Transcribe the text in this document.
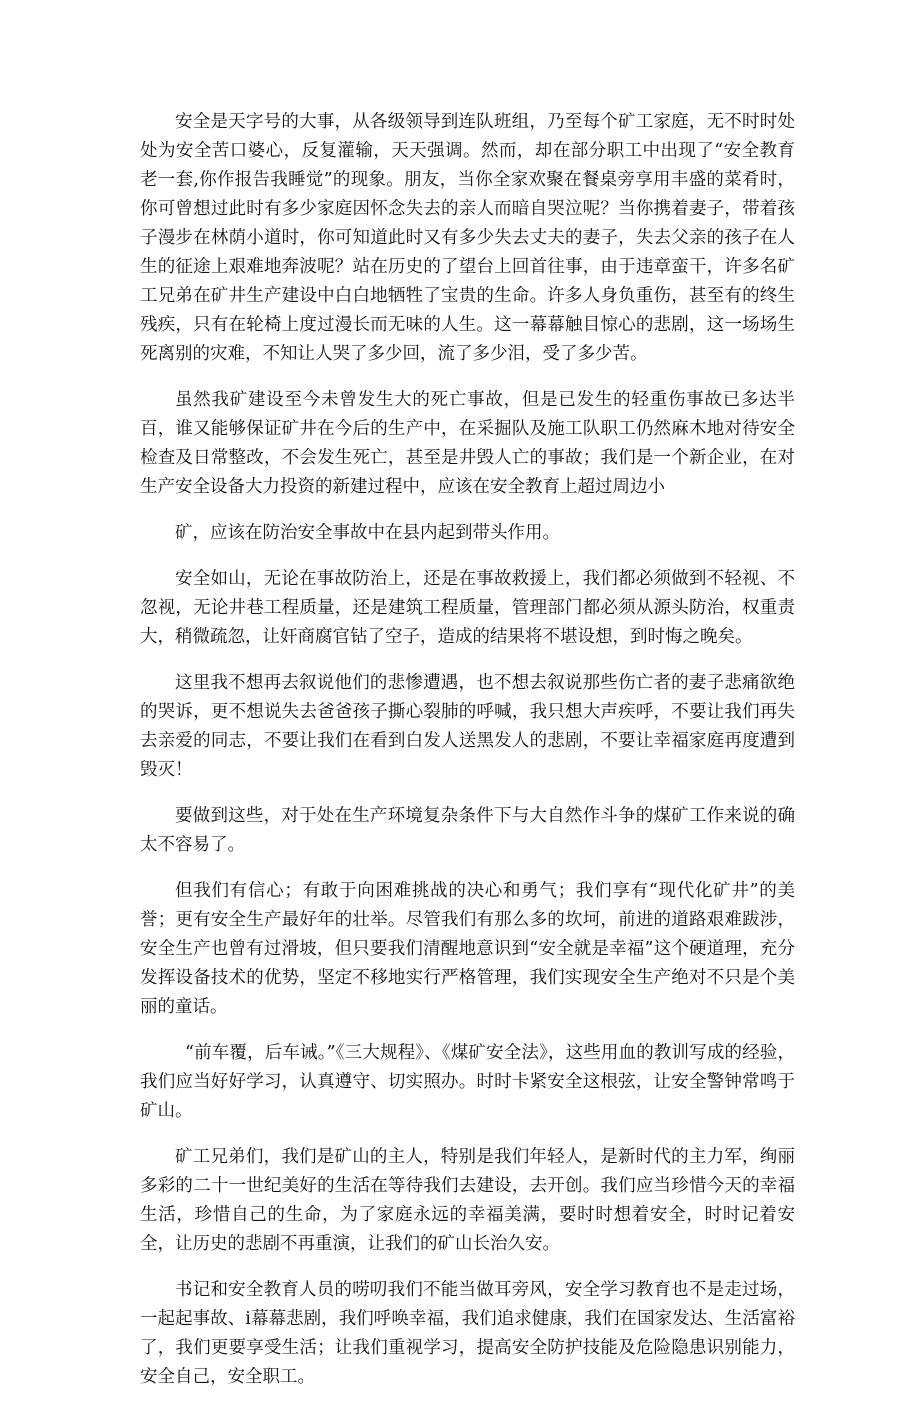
安全是天字号的大事，从各级领导到连队班组，乃至每个矿工家庭，无不时时处处为安全苦口婆心，反复灌输，天天强调。然而，却在部分职工中出现了“安全教育老一套,你作报告我睡觉”的现象。朋友，当你全家欢聚在餐桌旁享用丰盛的菜肴时，你可曾想过此时有多少家庭因怀念失去的亲人而暗自哭泣呢？当你携着妻子，带着孩子漫步在林荫小道时，你可知道此时又有多少失去丈夫的妻子，失去父亲的孩子在人生的征途上艰难地奔波呢？站在历史的了望台上回首往事，由于违章蛮干，许多名矿工兄弟在矿井生产建设中白白地牺牲了宝贵的生命。许多人身负重伤，甚至有的终生残疾，只有在轮椅上度过漫长而无味的人生。这一幕幕触目惊心的悲剧，这一场场生死离别的灾难，不知让人哭了多少回，流了多少泪，受了多少苦。

虽然我矿建设至今未曾发生大的死亡事故，但是已发生的轻重伤事故已多达半百，谁又能够保证矿井在今后的生产中，在采掘队及施工队职工仍然麻木地对待安全检查及日常整改，不会发生死亡，甚至是井毁人亡的事故；我们是一个新企业，在对生产安全设备大力投资的新建过程中，应该在安全教育上超过周边小

矿，应该在防治安全事故中在县内起到带头作用。

安全如山，无论在事故防治上，还是在事故救援上，我们都必须做到不轻视、不忽视，无论井巷工程质量，还是建筑工程质量，管理部门都必须从源头防治，权重责大，稍微疏忽，让奸商腐官钻了空子，造成的结果将不堪设想，到时悔之晚矣。

这里我不想再去叙说他们的悲惨遭遇，也不想去叙说那些伤亡者的妻子悲痛欲绝的哭诉，更不想说失去爸爸孩子撕心裂肺的呼喊，我只想大声疾呼，不要让我们再失去亲爱的同志，不要让我们在看到白发人送黑发人的悲剧，不要让幸福家庭再度遭到毁灭！

要做到这些，对于处在生产环境复杂条件下与大自然作斗争的煤矿工作来说的确太不容易了。

但我们有信心；有敢于向困难挑战的决心和勇气；我们享有“现代化矿井”的美誉；更有安全生产最好年的壮举。尽管我们有那么多的坎坷，前进的道路艰难跋涉，安全生产也曾有过滑坡，但只要我们清醒地意识到“安全就是幸福”这个硬道理，充分发挥设备技术的优势，坚定不移地实行严格管理，我们实现安全生产绝对不只是个美丽的童话。

“前车覆，后车诫。”《三大规程》、《煤矿安全法》，这些用血的教训写成的经验，我们应当好好学习，认真遵守、切实照办。时时卡紧安全这根弦，让安全警钟常鸣于矿山。

矿工兄弟们，我们是矿山的主人，特别是我们年轻人，是新时代的主力军，绚丽多彩的二十一世纪美好的生活在等待我们去建设，去开创。我们应当珍惜今天的幸福生活，珍惜自己的生命，为了家庭永远的幸福美满，要时时想着安全，时时记着安全，让历史的悲剧不再重演，让我们的矿山长治久安。

书记和安全教育人员的唠叨我们不能当做耳旁风，安全学习教育也不是走过场，一起起事故、i幕幕悲剧，我们呼唤幸福，我们追求健康，我们在国家发达、生活富裕了，我们更要享受生活；让我们重视学习，提高安全防护技能及危险隐患识别能力，安全自己，安全职工。
